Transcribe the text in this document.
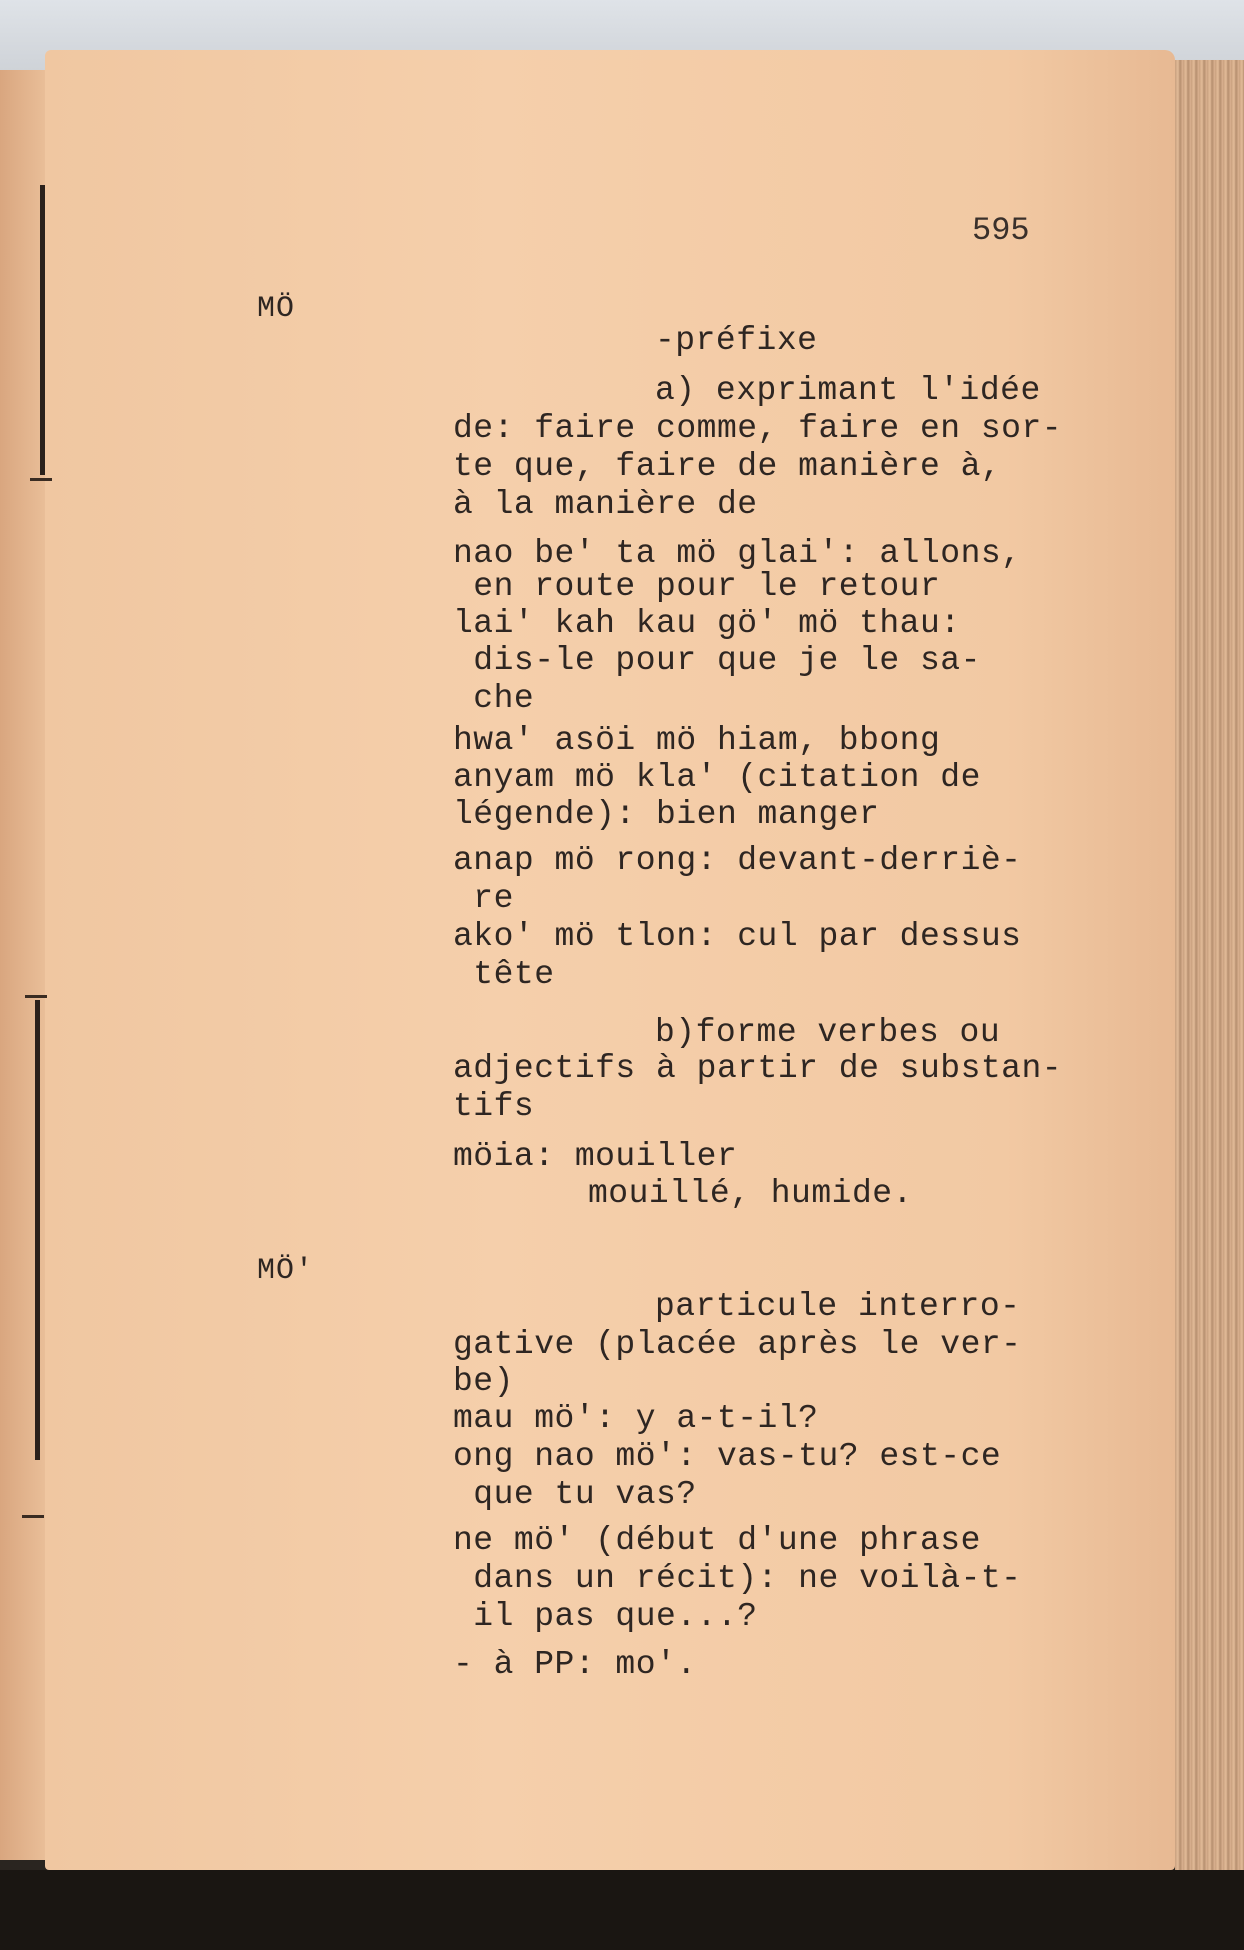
595
MÖ
-préfixe
a) exprimant l'idée
de: faire comme, faire en sor-
te que, faire de manière à,
à la manière de
nao be' ta mö glai': allons,
en route pour le retour
lai' kah kau gö' mö thau:
dis-le pour que je le sa-
che
hwa' asöi mö hiam, bbong
anyam mö kla' (citation de
légende): bien manger
anap mö rong: devant-derriè-
re
ako' mö tlon: cul par dessus
tête
b)forme verbes ou
adjectifs à partir de substan-
tifs
möia: mouiller
mouillé, humide.
MÖ'
particule interro-
gative (placée après le ver-
be)
mau mö': y a-t-il?
ong nao mö': vas-tu? est-ce
que tu vas?
ne mö' (début d'une phrase
dans un récit): ne voilà-t-
il pas que...?
- à PP: mo'.
